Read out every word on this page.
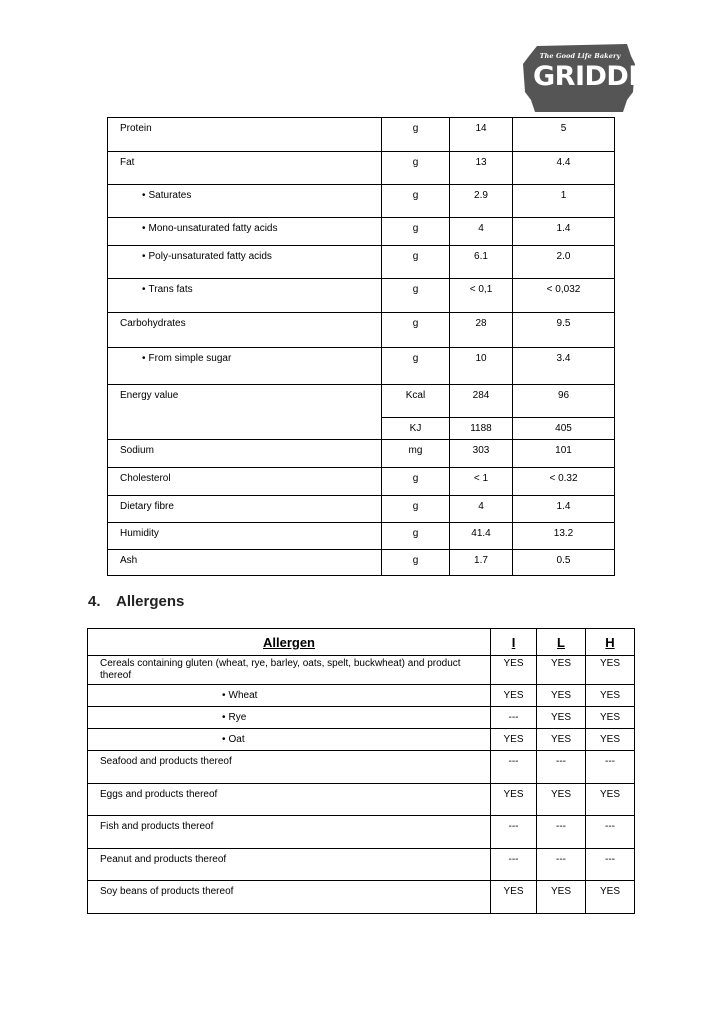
The Good Life Bakery
GRIDDLE
Protein	g	14	5
Fat	g	13	4.4
• Saturates	g	2.9	1
• Mono-unsaturated fatty acids	g	4	1.4
• Poly-unsaturated fatty acids	g	6.1	2.0
• Trans fats	g	< 0,1	< 0,032
Carbohydrates	g	28	9.5
• From simple sugar	g	10	3.4
Energy value	Kcal	284	96
	KJ	1188	405
Sodium	mg	303	101
Cholesterol	g	< 1	< 0.32
Dietary fibre	g	4	1.4
Humidity	g	41.4	13.2
Ash	g	1.7	0.5
4. Allergens
Allergen	I	L	H
Cereals containing gluten (wheat, rye, barley, oats, spelt, buckwheat) and product thereof	YES	YES	YES
• Wheat	YES	YES	YES
• Rye	---	YES	YES
• Oat	YES	YES	YES
Seafood and products thereof	---	---	---
Eggs and products thereof	YES	YES	YES
Fish and products thereof	---	---	---
Peanut and products thereof	---	---	---
Soy beans of products thereof	YES	YES	YES
